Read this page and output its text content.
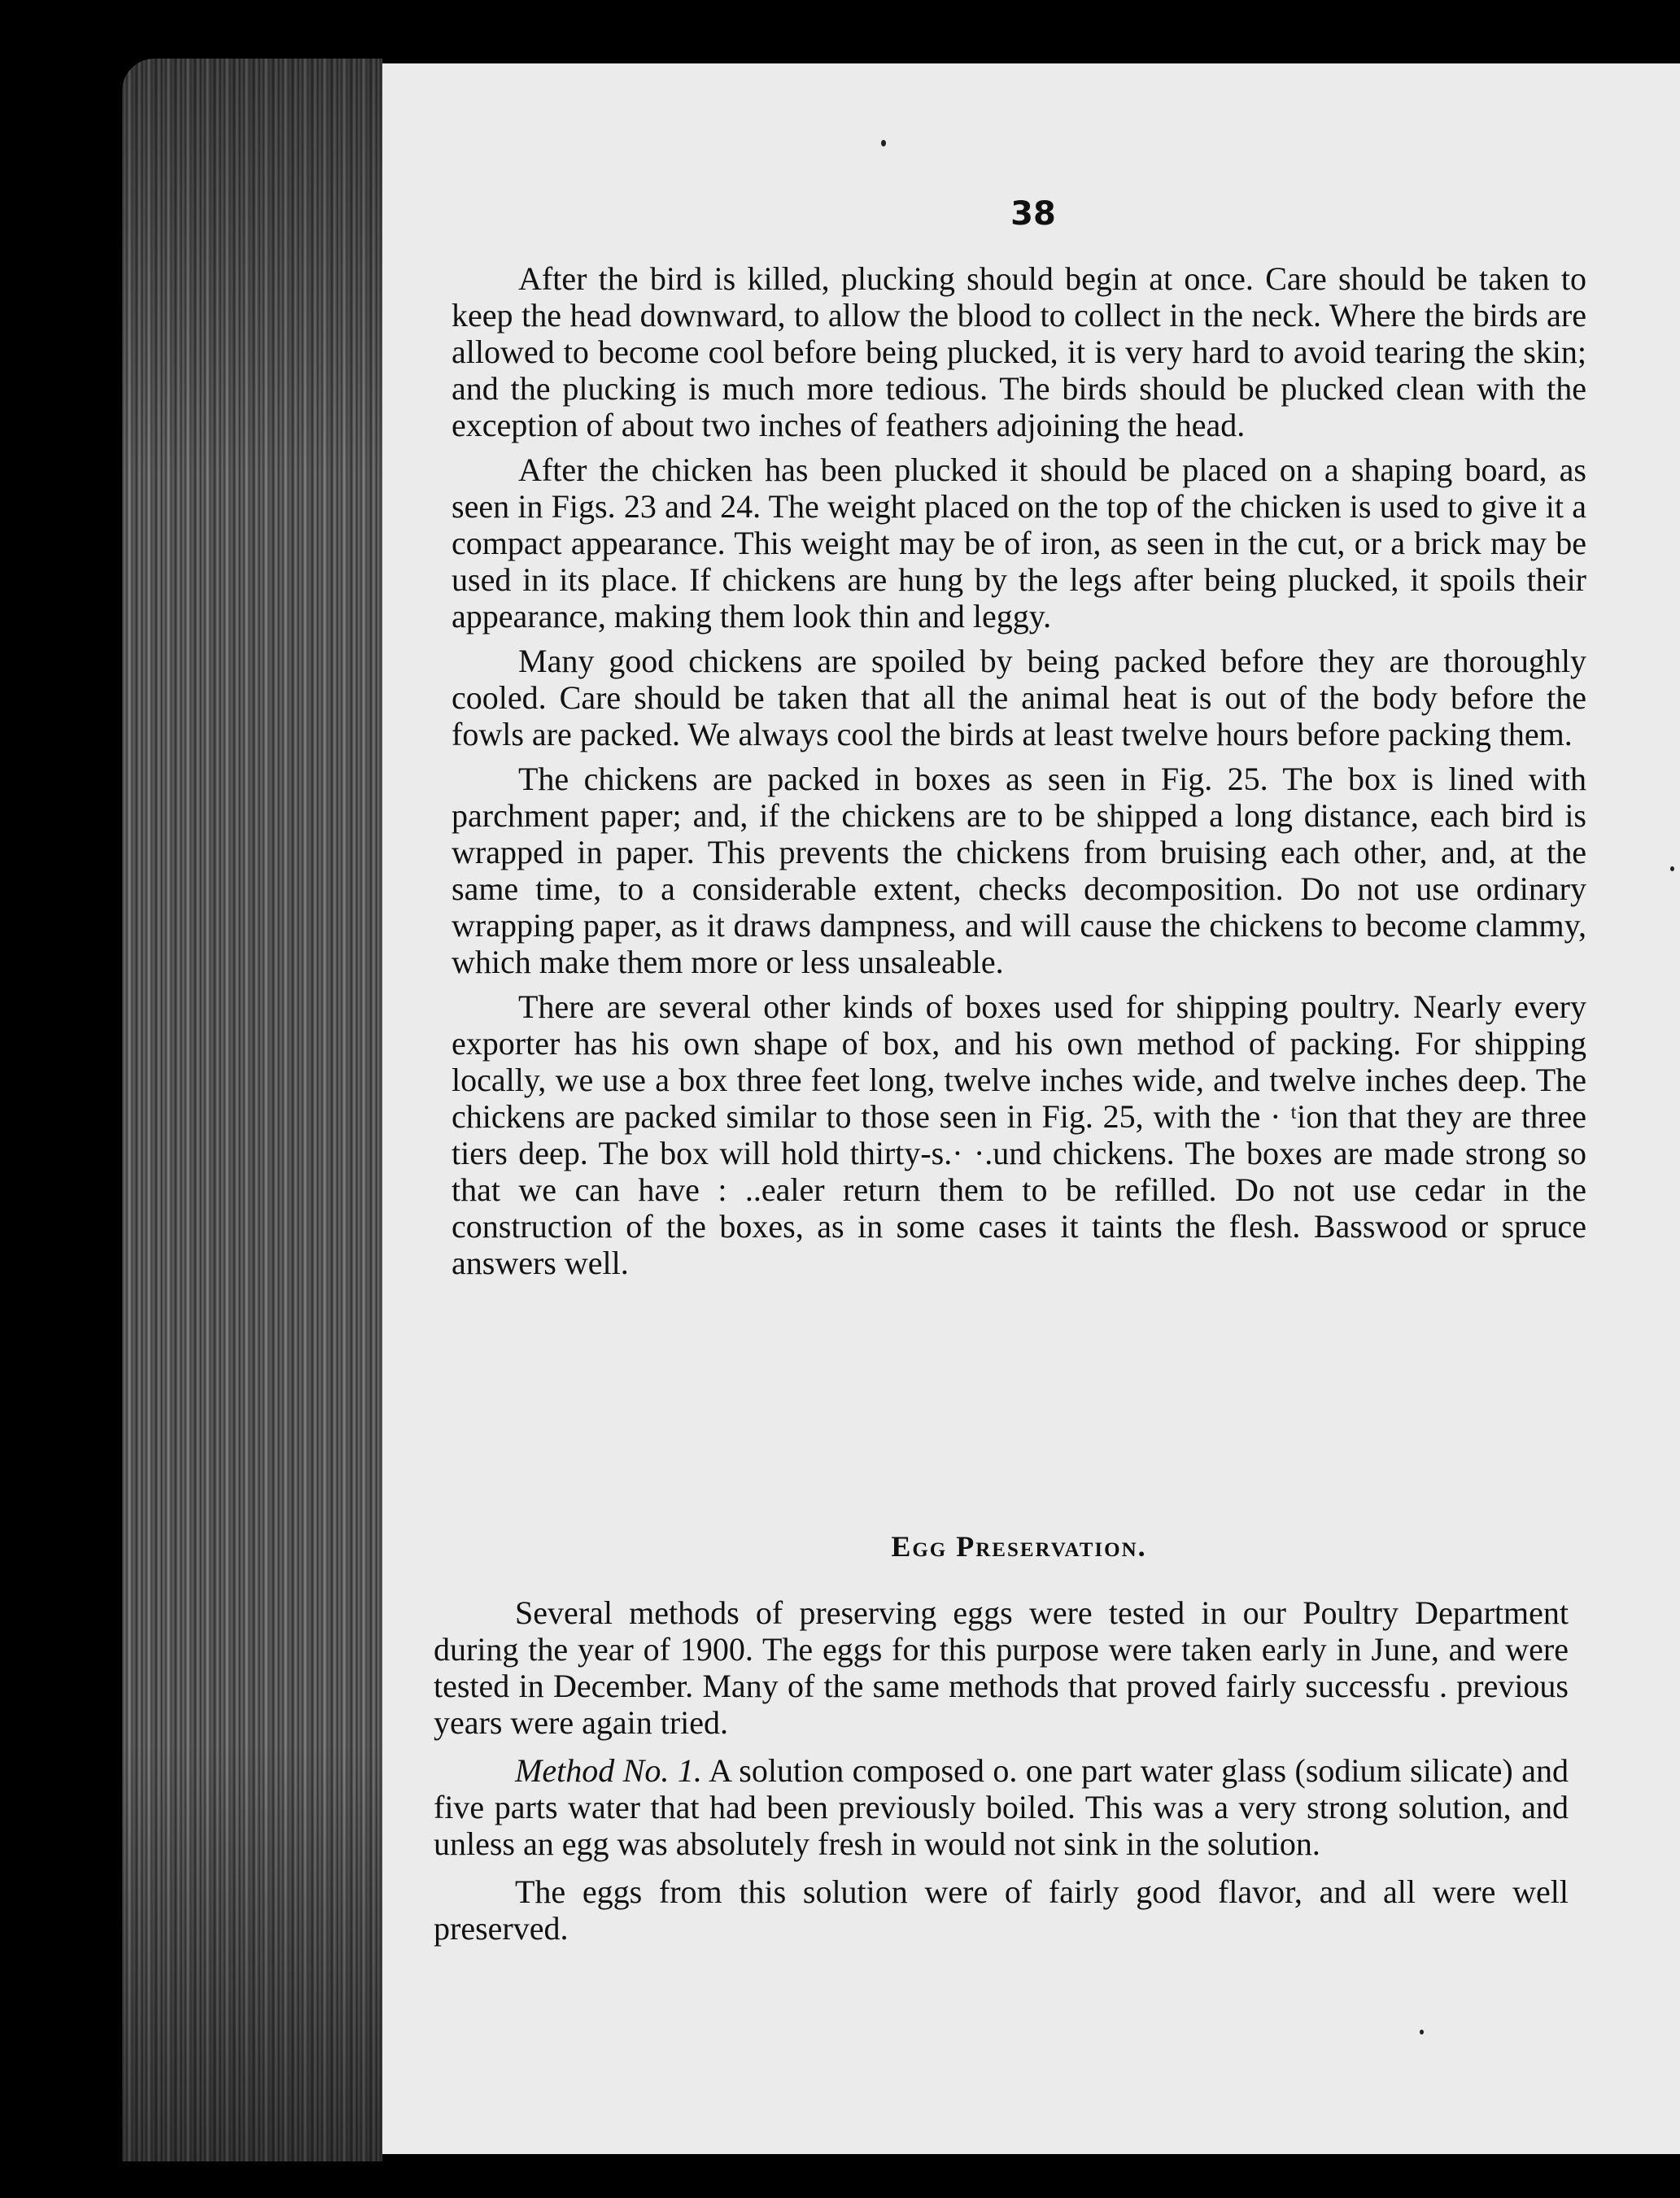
38

After the bird is killed, plucking should begin at once. Care should be taken to keep the head downward, to allow the blood to collect in the neck. Where the birds are allowed to become cool before being plucked, it is very hard to avoid tearing the skin; and the plucking is much more tedious. The birds should be plucked clean with the exception of about two inches of feathers adjoining the head.

After the chicken has been plucked it should be placed on a shaping board, as seen in Figs. 23 and 24. The weight placed on the top of the chicken is used to give it a compact appearance. This weight may be of iron, as seen in the cut, or a brick may be used in its place. If chickens are hung by the legs after being plucked, it spoils their appearance, making them look thin and leggy.

Many good chickens are spoiled by being packed before they are thoroughly cooled. Care should be taken that all the animal heat is out of the body before the fowls are packed. We always cool the birds at least twelve hours before packing them.

The chickens are packed in boxes as seen in Fig. 25. The box is lined with parchment paper; and, if the chickens are to be shipped a long distance, each bird is wrapped in paper. This prevents the chickens from bruising each other, and, at the same time, to a considerable extent, checks decomposition. Do not use ordinary wrapping paper, as it draws dampness, and will cause the chickens to become clammy, which make them more or less unsaleable.

There are several other kinds of boxes used for shipping poultry. Nearly every exporter has his own shape of box, and his own method of packing. For shipping locally, we use a box three feet long, twelve inches wide, and twelve inches deep. The chickens are packed similar to those seen in Fig. 25, with the · ᵗion that they are three tiers deep. The box will hold thirty-s.· ·.und chickens. The boxes are made strong so that we can have : ..ealer return them to be refilled. Do not use cedar in the construction of the boxes, as in some cases it taints the flesh. Basswood or spruce answers well.

Egg Preservation.

Several methods of preserving eggs were tested in our Poultry Department during the year of 1900. The eggs for this purpose were taken early in June, and were tested in December. Many of the same methods that proved fairly successfu . previous years were again tried.

Method No. 1. A solution composed o. one part water glass (sodium silicate) and five parts water that had been previously boiled. This was a very strong solution, and unless an egg was absolutely fresh in would not sink in the solution.

The eggs from this solution were of fairly good flavor, and all were well preserved.
